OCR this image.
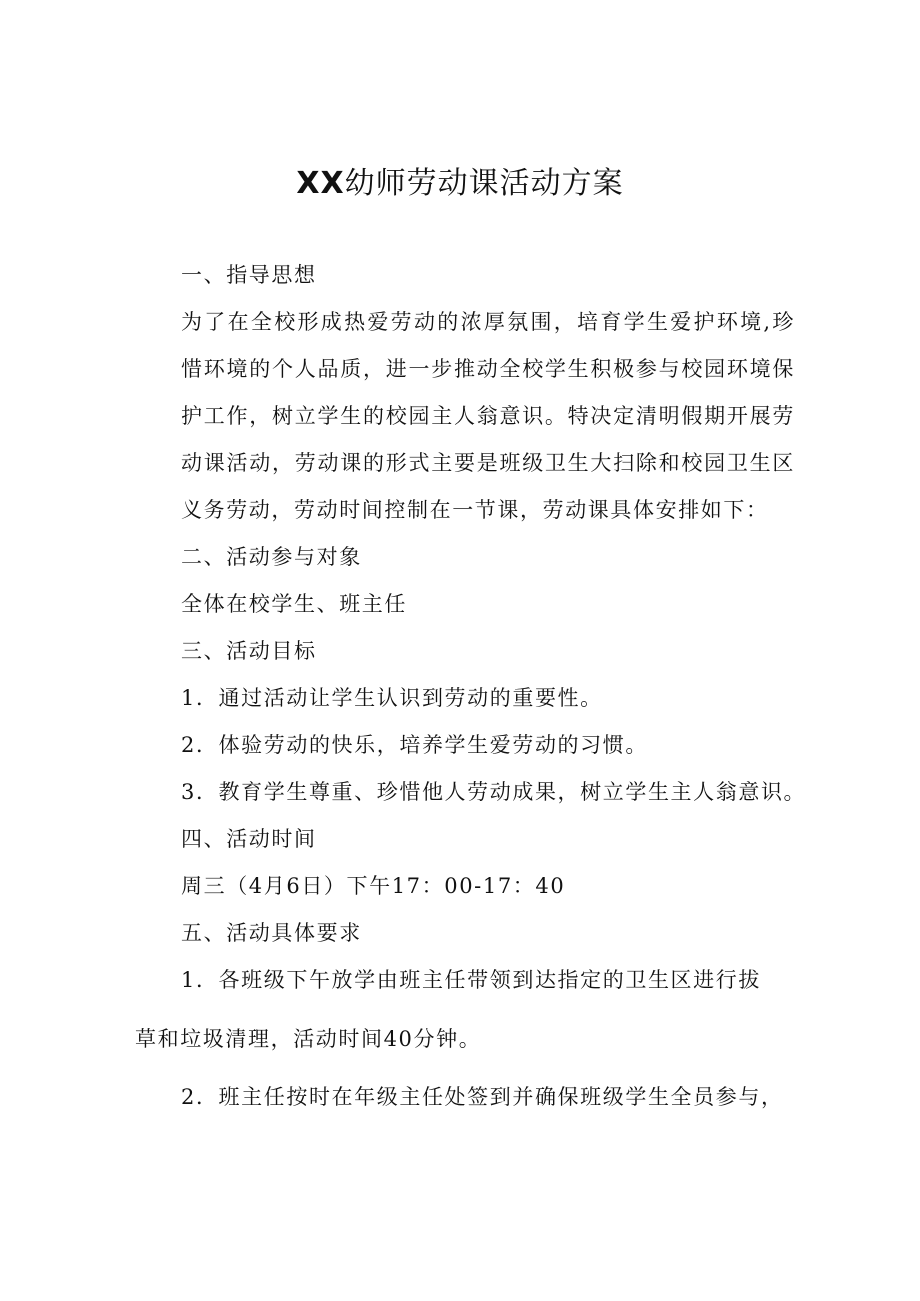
XX幼师劳动课活动方案

一、指导思想

为了在全校形成热爱劳动的浓厚氛围，培育学生爱护环境,珍惜环境的个人品质，进一步推动全校学生积极参与校园环境保护工作，树立学生的校园主人翁意识。特决定清明假期开展劳动课活动，劳动课的形式主要是班级卫生大扫除和校园卫生区义务劳动，劳动时间控制在一节课，劳动课具体安排如下：

二、活动参与对象

全体在校学生、班主任

三、活动目标

1．通过活动让学生认识到劳动的重要性。

2．体验劳动的快乐，培养学生爱劳动的习惯。

3．教育学生尊重、珍惜他人劳动成果，树立学生主人翁意识。

四、活动时间

周三（4月6日）下午17：00-17：40

五、活动具体要求

1．各班级下午放学由班主任带领到达指定的卫生区进行拔

草和垃圾清理，活动时间40分钟。

2．班主任按时在年级主任处签到并确保班级学生全员参与，
